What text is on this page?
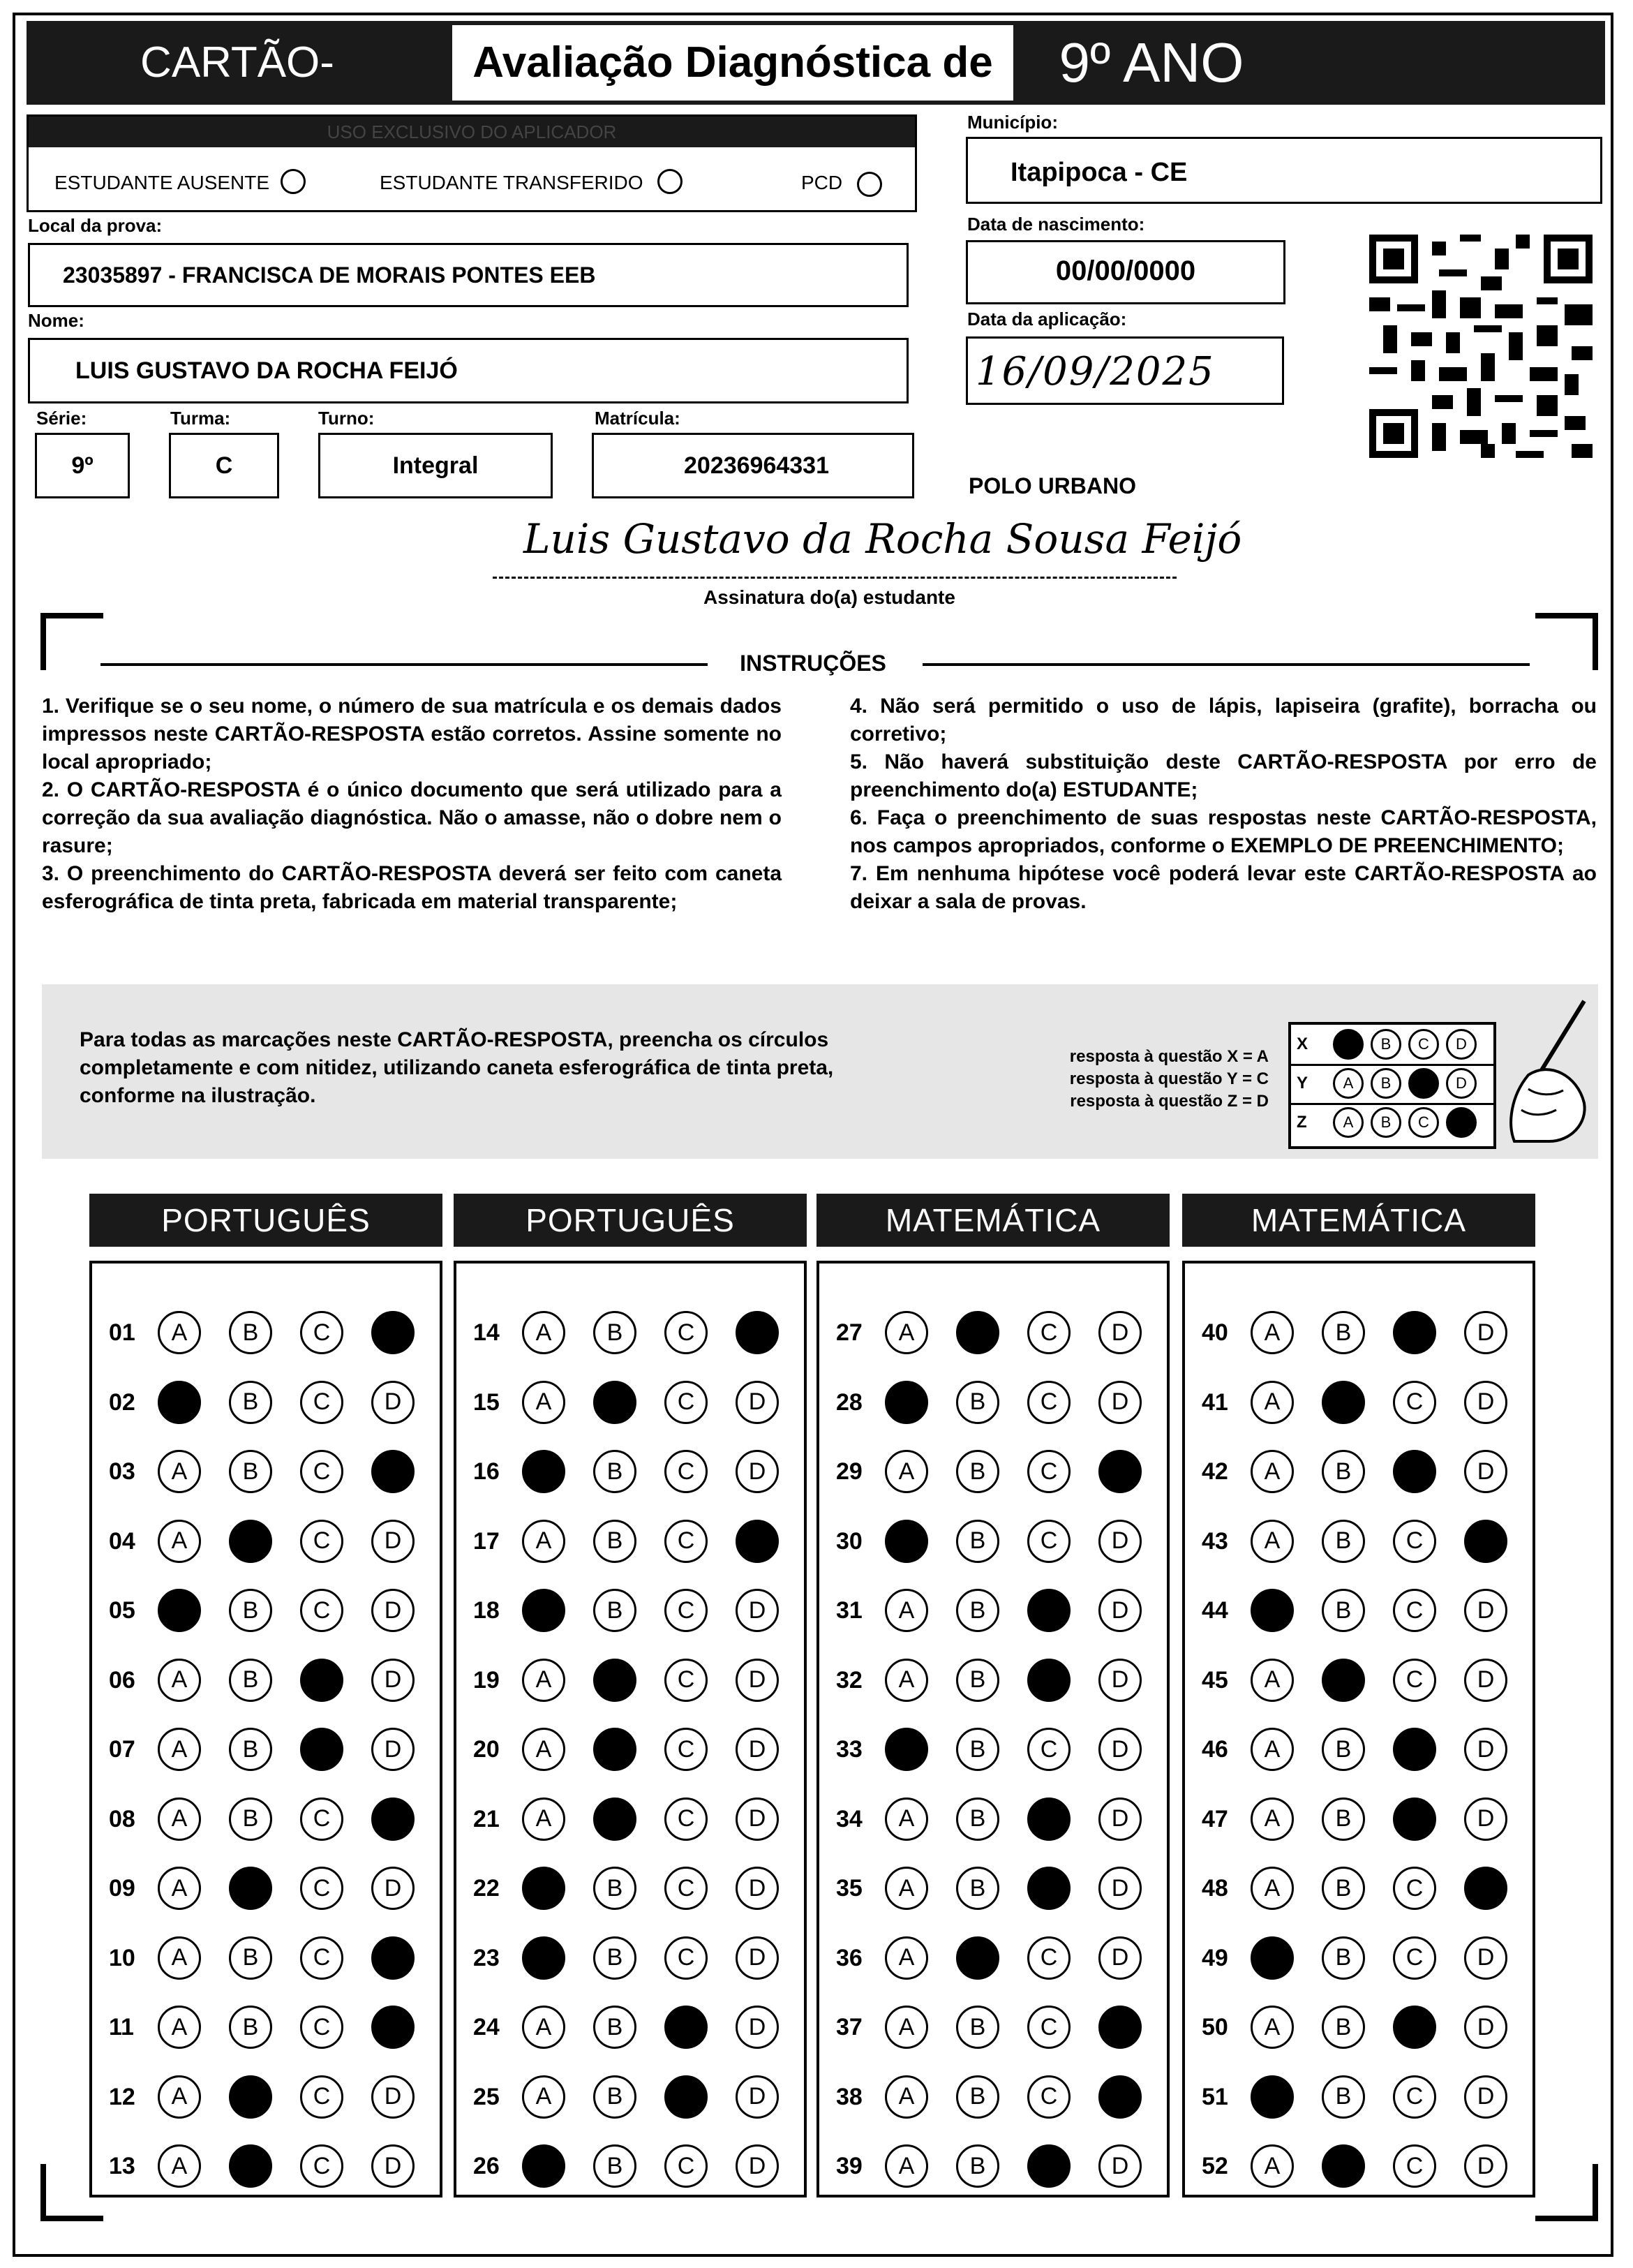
CARTÃO-	Avaliação Diagnóstica de	9º ANO
USO EXCLUSIVO DO APLICADOR
ESTUDANTE AUSENTE	ESTUDANTE TRANSFERIDO	PCD
Município:
Itapipoca - CE
Local da prova:
23035897 - FRANCISCA DE MORAIS PONTES EEB
Data de nascimento:
00/00/0000
Nome:
LUIS GUSTAVO DA ROCHA FEIJÓ
Data da aplicação:
16/09/2025
Série:	Turma:	Turno:	Matrícula:
9º	C	Integral	20236964331
POLO URBANO
Luis Gustavo da Rocha Sousa Feijó
Assinatura do(a) estudante
INSTRUÇÕES
1. Verifique se o seu nome, o número de sua matrícula e os demais dados impressos neste CARTÃO-RESPOSTA estão corretos. Assine somente no local apropriado;
2. O CARTÃO-RESPOSTA é o único documento que será utilizado para a correção da sua avaliação diagnóstica. Não o amasse, não o dobre nem o rasure;
3. O preenchimento do CARTÃO-RESPOSTA deverá ser feito com caneta esferográfica de tinta preta, fabricada em material transparente;
4. Não será permitido o uso de lápis, lapiseira (grafite), borracha ou corretivo;
5. Não haverá substituição deste CARTÃO-RESPOSTA por erro de preenchimento do(a) ESTUDANTE;
6. Faça o preenchimento de suas respostas neste CARTÃO-RESPOSTA, nos campos apropriados, conforme o EXEMPLO DE PREENCHIMENTO;
7. Em nenhuma hipótese você poderá levar este CARTÃO-RESPOSTA ao deixar a sala de provas.
Para todas as marcações neste CARTÃO-RESPOSTA, preencha os círculos completamente e com nitidez, utilizando caneta esferográfica de tinta preta, conforme na ilustração.
resposta à questão X = A
resposta à questão Y = C
resposta à questão Z = D
X	A	B	C	D
Y	A	B	C	D
Z	A	B	C	D
PORTUGUÊS
01	A	B	C	D
02	A	B	C	D
03	A	B	C	D
04	A	B	C	D
05	A	B	C	D
06	A	B	C	D
07	A	B	C	D
08	A	B	C	D
09	A	B	C	D
10	A	B	C	D
11	A	B	C	D
12	A	B	C	D
13	A	B	C	D
PORTUGUÊS
14	A	B	C	D
15	A	B	C	D
16	A	B	C	D
17	A	B	C	D
18	A	B	C	D
19	A	B	C	D
20	A	B	C	D
21	A	B	C	D
22	A	B	C	D
23	A	B	C	D
24	A	B	C	D
25	A	B	C	D
26	A	B	C	D
MATEMÁTICA
27	A	B	C	D
28	A	B	C	D
29	A	B	C	D
30	A	B	C	D
31	A	B	C	D
32	A	B	C	D
33	A	B	C	D
34	A	B	C	D
35	A	B	C	D
36	A	B	C	D
37	A	B	C	D
38	A	B	C	D
39	A	B	C	D
MATEMÁTICA
40	A	B	C	D
41	A	B	C	D
42	A	B	C	D
43	A	B	C	D
44	A	B	C	D
45	A	B	C	D
46	A	B	C	D
47	A	B	C	D
48	A	B	C	D
49	A	B	C	D
50	A	B	C	D
51	A	B	C	D
52	A	B	C	D
